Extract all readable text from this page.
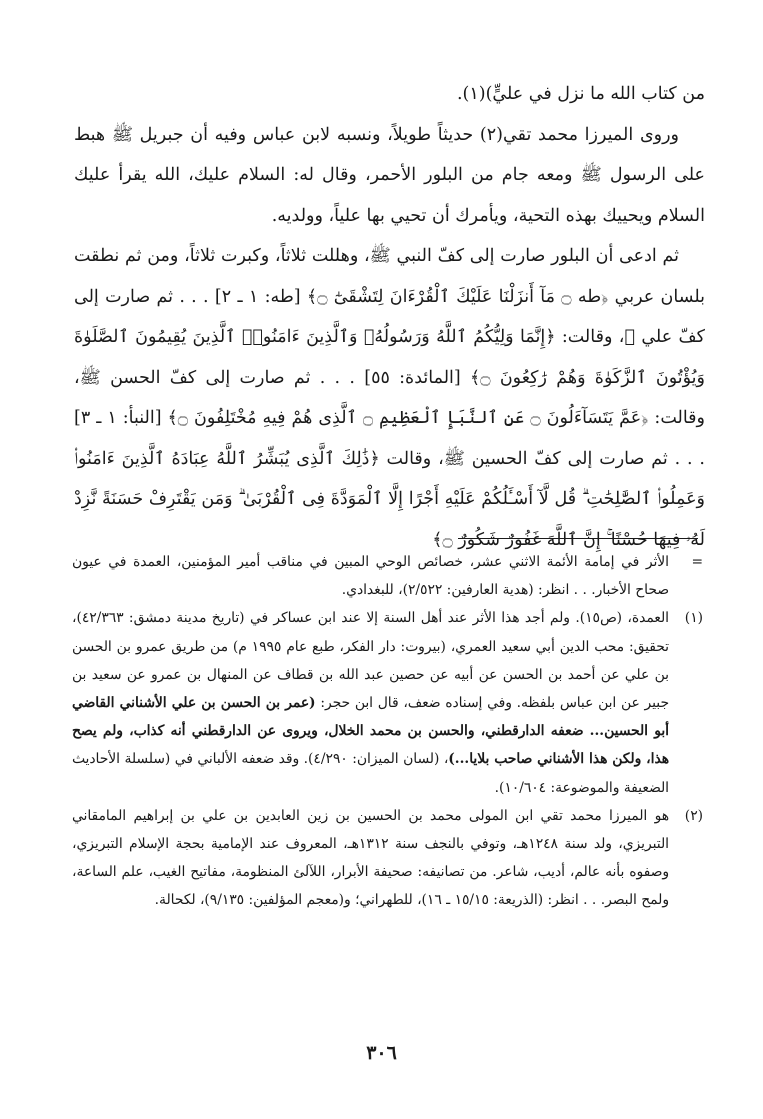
من كتاب الله ما نزل في عليٍّ)(١).

وروى الميرزا محمد تقي(٢) حديثاً طويلاً، ونسبه لابن عباس وفيه أن جبريل ﷺ هبط على الرسول ﷺ ومعه جام من البلور الأحمر، وقال له: السلام عليك، الله يقرأ عليك السلام ويحييك بهذه التحية، ويأمرك أن تحيي بها علياً، وولديه.

ثم ادعى أن البلور صارت إلى كفّ النبي ﷺ، وهللت ثلاثاً، وكبرت ثلاثاً، ومن ثم نطقت بلسان عربي ﴿طه ۝ مَآ أَنزَلْنَا عَلَيْكَ ٱلْقُرْءَانَ لِتَشْقَىٰٓ ۝﴾ [طه: ١ ـ ٢] . . . ثم صارت إلى كفّ علي ﷺ، وقالت: ﴿إِنَّمَا وَلِيُّكُمُ ٱللَّهُ وَرَسُولُهُۥ وَٱلَّذِينَ ءَامَنُوا۟ ٱلَّذِينَ يُقِيمُونَ ٱلصَّلَوٰةَ وَيُؤْتُونَ ٱلزَّكَوٰةَ وَهُمْ رَٰكِعُونَ ۝﴾ [المائدة: ٥٥] . . . ثم صارت إلى كفّ الحسن ﷺ، وقالت: ﴿عَمَّ يَتَسَآءَلُونَ ۝ عَنِ ٱلنَّبَإِ ٱلْعَظِيمِ ۝ ٱلَّذِى هُمْ فِيهِ مُخْتَلِفُونَ ۝﴾ [النبأ: ١ ـ ٣] . . . ثم صارت إلى كفّ الحسين ﷺ، وقالت ﴿ذَٰلِكَ ٱلَّذِى يُبَشِّرُ ٱللَّهُ عِبَادَهُ ٱلَّذِينَ ءَامَنُوا۟ وَعَمِلُوا۟ ٱلصَّٰلِحَٰتِ ۗ قُل لَّآ أَسْـَٔلُكُمْ عَلَيْهِ أَجْرًا إِلَّا ٱلْمَوَدَّةَ فِى ٱلْقُرْبَىٰ ۗ وَمَن يَقْتَرِفْ حَسَنَةً نَّزِدْ لَهُۥ فِيهَا حُسْنًا ۚ إِنَّ ٱللَّهَ غَفُورٌ شَكُورٌ ۝﴾

=
الأثر في إمامة الأئمة الاثني عشر، خصائص الوحي المبين في مناقب أمير المؤمنين، العمدة في عيون صحاح الأخبار. . . انظر: (هدية العارفين: ٢/٥٢٢)، للبغدادي.
(١)
العمدة، (ص١٥). ولم أجد هذا الأثر عند أهل السنة إلا عند ابن عساكر في (تاريخ مدينة دمشق: ٤٢/٣٦٣)، تحقيق: محب الدين أبي سعيد العمري، (بيروت: دار الفكر، طبع عام ١٩٩٥ م) من طريق عمرو بن الحسن بن علي عن أحمد بن الحسن عن أبيه عن حصين عبد الله بن قطاف عن المنهال بن عمرو عن سعيد بن جبير عن ابن عباس بلفظه. وفي إسناده ضعف، قال ابن حجر: (عمر بن الحسن بن علي الأشناني القاضي أبو الحسين... ضعفه الدارقطني، والحسن بن محمد الخلال، ويروى عن الدارقطني أنه كذاب، ولم يصح هذا، ولكن هذا الأشناني صاحب بلايا...)، (لسان الميزان: ٤/٢٩٠). وقد ضعفه الألباني في (سلسلة الأحاديث الضعيفة والموضوعة: ١٠/٦٠٤).
(٢)
هو الميرزا محمد تقي ابن المولى محمد بن الحسين بن زين العابدين بن علي بن إبراهيم المامقاني التبريزي، ولد سنة ١٢٤٨هـ، وتوفي بالنجف سنة ١٣١٢هـ، المعروف عند الإمامية بحجة الإسلام التبريزي، وصفوه بأنه عالم، أديب، شاعر. من تصانيفه: صحيفة الأبرار، اللآلئ المنظومة، مفاتيح الغيب، علم الساعة، ولمح البصر. . . انظر: (الذريعة: ١٥/١٥ ـ ١٦)، للطهراني؛ و(معجم المؤلفين: ٩/١٣٥)، لكحالة.
٣٠٦
